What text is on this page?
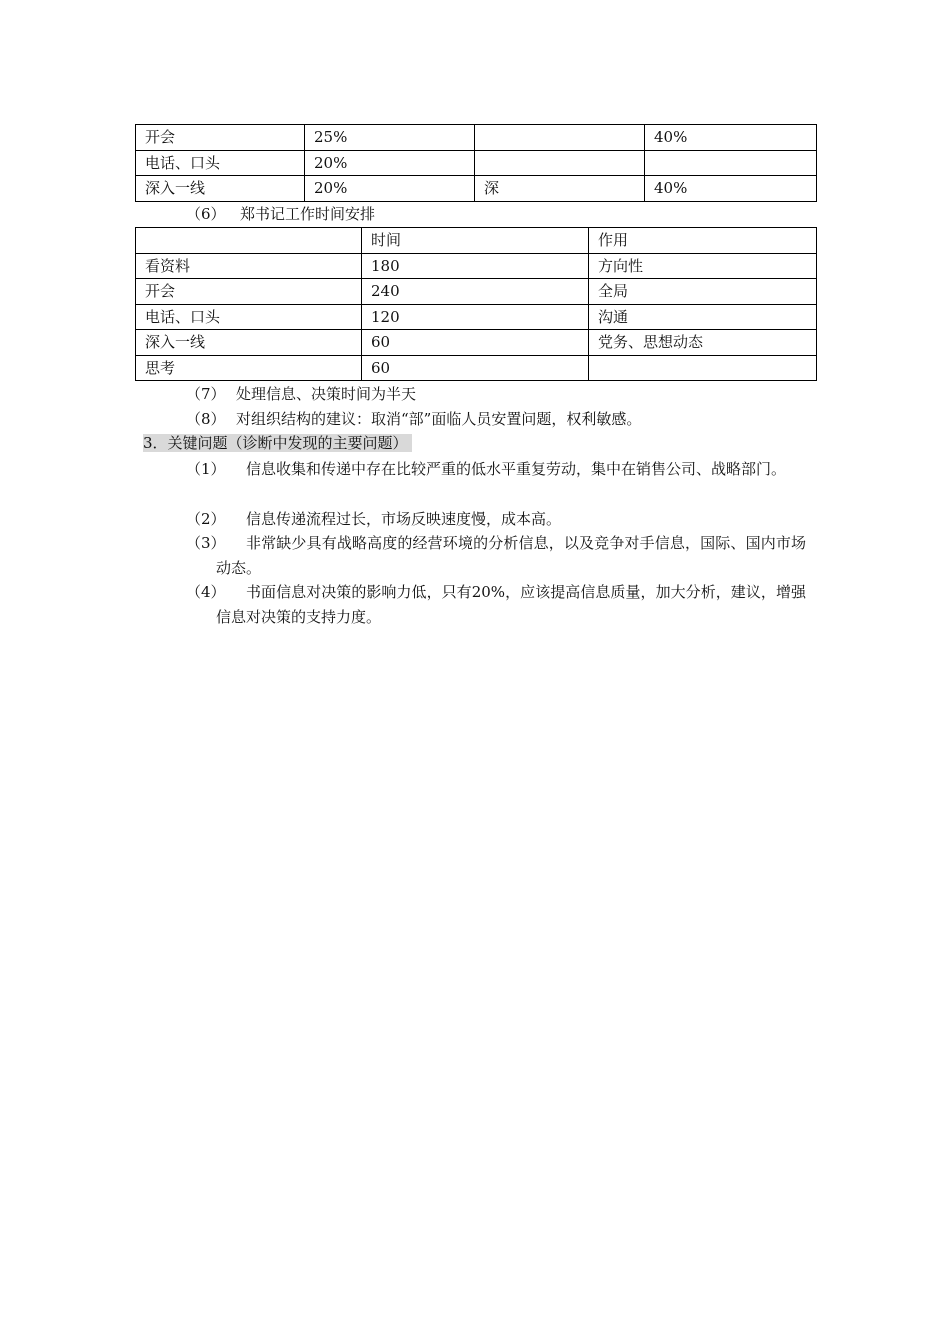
开会	25%		40%
电话、口头	20%		
深入一线	20%	深	40%
（6） 郑书记工作时间安排
	时间	作用
看资料	180	方向性
开会	240	全局
电话、口头	120	沟通
深入一线	60	党务、思想动态
思考	60	
（7） 处理信息、决策时间为半天
（8） 对组织结构的建议：取消“部”面临人员安置问题，权利敏感。
3．关键问题（诊断中发现的主要问题）
（1）	信息收集和传递中存在比较严重的低水平重复劳动，集中在销售公司、战略部门。
（2）	信息传递流程过长，市场反映速度慢，成本高。
（3）	非常缺少具有战略高度的经营环境的分析信息，以及竞争对手信息，国际、国内市场动态。
（4）	书面信息对决策的影响力低，只有20%，应该提高信息质量，加大分析，建议，增强信息对决策的支持力度。
